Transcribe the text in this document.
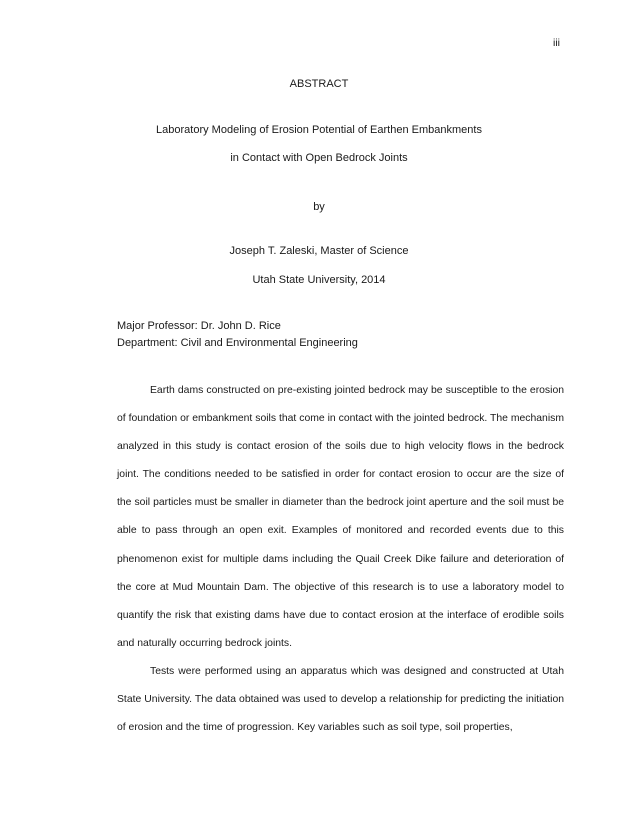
iii
ABSTRACT
Laboratory Modeling of Erosion Potential of Earthen Embankments
in Contact with Open Bedrock Joints
by
Joseph T. Zaleski, Master of Science
Utah State University, 2014
Major Professor: Dr. John D. Rice
Department: Civil and Environmental Engineering

Earth dams constructed on pre-existing jointed bedrock may be susceptible to the erosion of foundation or embankment soils that come in contact with the jointed bedrock. The mechanism analyzed in this study is contact erosion of the soils due to high velocity flows in the bedrock joint. The conditions needed to be satisfied in order for contact erosion to occur are the size of the soil particles must be smaller in diameter than the bedrock joint aperture and the soil must be able to pass through an open exit. Examples of monitored and recorded events due to this phenomenon exist for multiple dams including the Quail Creek Dike failure and deterioration of the core at Mud Mountain Dam. The objective of this research is to use a laboratory model to quantify the risk that existing dams have due to contact erosion at the interface of erodible soils and naturally occurring bedrock joints.

Tests were performed using an apparatus which was designed and constructed at Utah State University. The data obtained was used to develop a relationship for predicting the initiation of erosion and the time of progression. Key variables such as soil type, soil properties,
